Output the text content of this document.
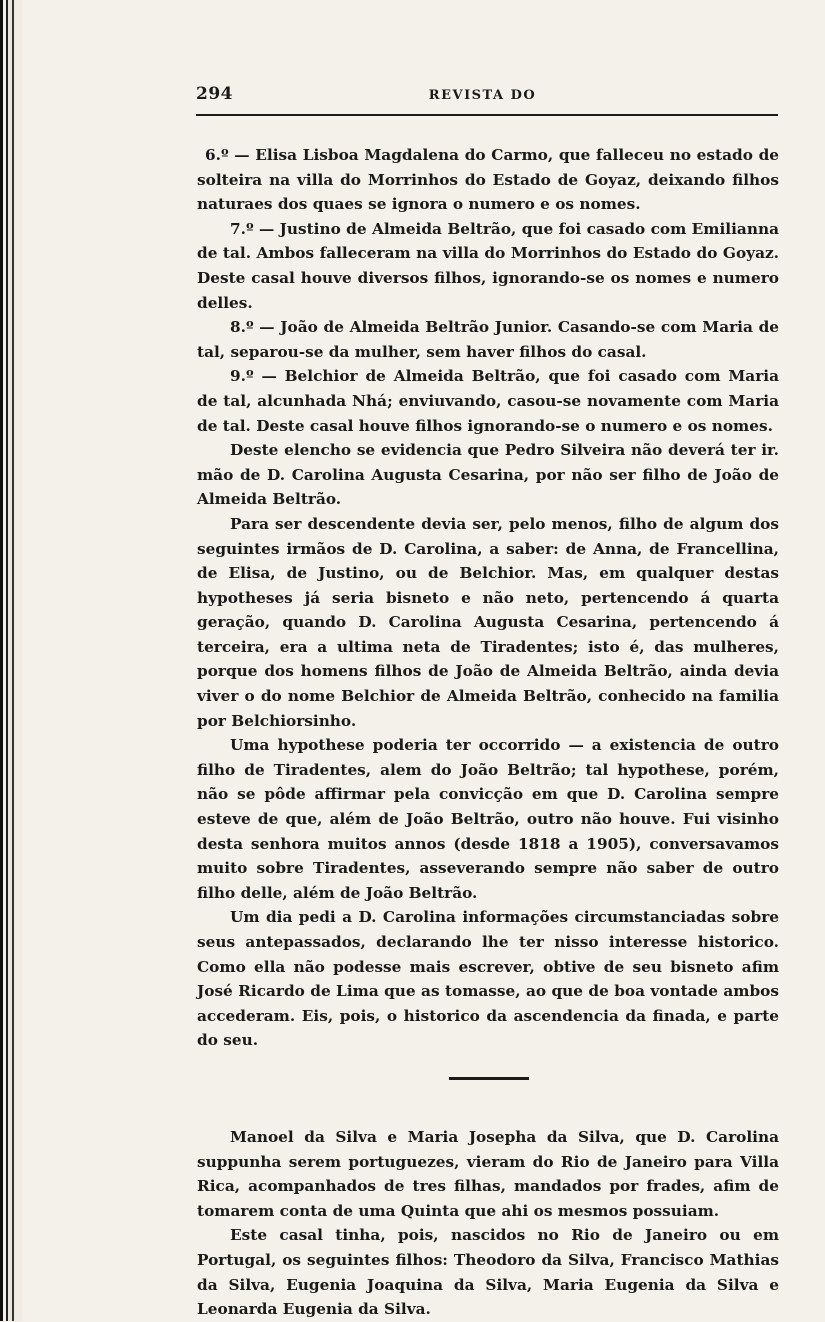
294	REVISTA DO

6.º — Elisa Lisboa Magdalena do Carmo, que falleceu no estado de solteira na villa do Morrinhos do Estado de Goyaz, deixando filhos naturaes dos quaes se ignora o numero e os nomes.

7.º — Justino de Almeida Beltrão, que foi casado com Emilianna de tal. Ambos falleceram na villa do Morrinhos do Estado do Goyaz. Deste casal houve diversos filhos, ignorando-se os nomes e numero delles.

8.º — João de Almeida Beltrão Junior. Casando-se com Maria de tal, separou-se da mulher, sem haver filhos do casal.

9.º — Belchior de Almeida Beltrão, que foi casado com Maria de tal, alcunhada Nhá; enviuvando, casou-se novamente com Maria de tal. Deste casal houve filhos ignorando-se o numero e os nomes.

Deste elencho se evidencia que Pedro Silveira não deverá ter ir. mão de D. Carolina Augusta Cesarina, por não ser filho de João de Almeida Beltrão.

Para ser descendente devia ser, pelo menos, filho de algum dos seguintes irmãos de D. Carolina, a saber: de Anna, de Francellina, de Elisa, de Justino, ou de Belchior. Mas, em qualquer destas hypotheses já seria bisneto e não neto, pertencendo á quarta geração, quando D. Carolina Augusta Cesarina, pertencendo á terceira, era a ultima neta de Tiradentes; isto é, das mulheres, porque dos homens filhos de João de Almeida Beltrão, ainda devia viver o do nome Belchior de Almeida Beltrão, conhecido na familia por Belchiorsinho.

Uma hypothese poderia ter occorrido — a existencia de outro filho de Tiradentes, alem do João Beltrão; tal hypothese, porém, não se pôde affirmar pela convicção em que D. Carolina sempre esteve de que, além de João Beltrão, outro não houve. Fui visinho desta senhora muitos annos (desde 1818 a 1905), conversavamos muito sobre Tiradentes, asseverando sempre não saber de outro filho delle, além de João Beltrão.

Um dia pedi a D. Carolina informações circumstanciadas sobre seus antepassados, declarando lhe ter nisso interesse historico. Como ella não podesse mais escrever, obtive de seu bisneto afim José Ricardo de Lima que as tomasse, ao que de boa vontade ambos accederam. Eis, pois, o historico da ascendencia da finada, e parte do seu.

Manoel da Silva e Maria Josepha da Silva, que D. Carolina suppunha serem portuguezes, vieram do Rio de Janeiro para Villa Rica, acompanhados de tres filhas, mandados por frades, afim de tomarem conta de uma Quinta que ahi os mesmos possuiam.

Este casal tinha, pois, nascidos no Rio de Janeiro ou em Portugal, os seguintes filhos: Theodoro da Silva, Francisco Mathias da Silva, Eugenia Joaquina da Silva, Maria Eugenia da Silva e Leonarda Eugenia da Silva.
